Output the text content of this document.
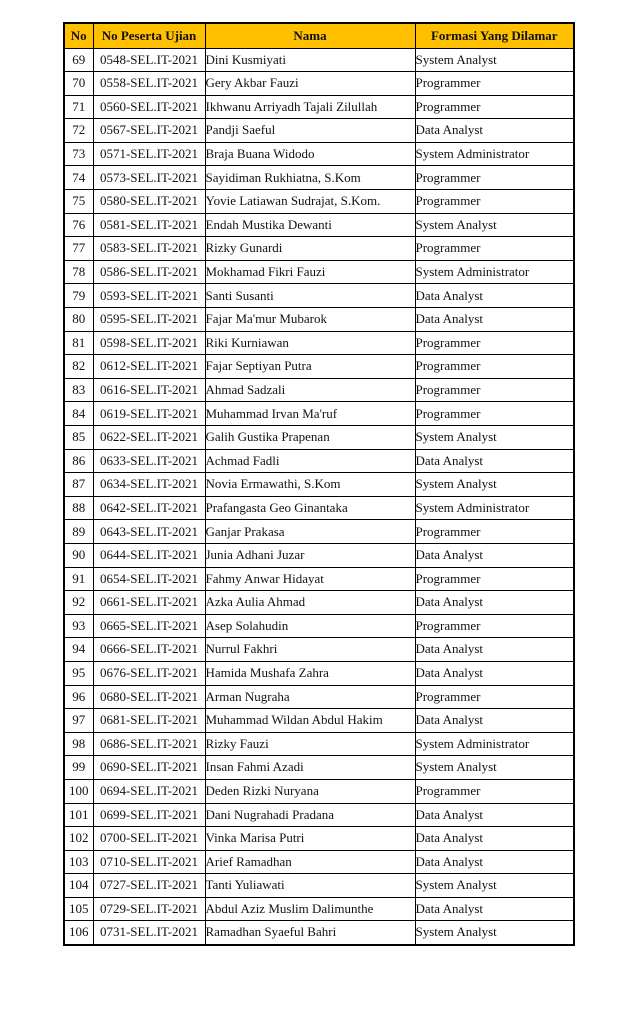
No	No Peserta Ujian	Nama	Formasi Yang Dilamar
69	0548-SEL.IT-2021	Dini Kusmiyati	System Analyst
70	0558-SEL.IT-2021	Gery Akbar Fauzi	Programmer
71	0560-SEL.IT-2021	Ikhwanu Arriyadh Tajali Zilullah	Programmer
72	0567-SEL.IT-2021	Pandji Saeful	Data Analyst
73	0571-SEL.IT-2021	Braja Buana Widodo	System Administrator
74	0573-SEL.IT-2021	Sayidiman Rukhiatna, S.Kom	Programmer
75	0580-SEL.IT-2021	Yovie Latiawan Sudrajat, S.Kom.	Programmer
76	0581-SEL.IT-2021	Endah Mustika Dewanti	System Analyst
77	0583-SEL.IT-2021	Rizky Gunardi	Programmer
78	0586-SEL.IT-2021	Mokhamad Fikri Fauzi	System Administrator
79	0593-SEL.IT-2021	Santi Susanti	Data Analyst
80	0595-SEL.IT-2021	Fajar Ma'mur Mubarok	Data Analyst
81	0598-SEL.IT-2021	Riki Kurniawan	Programmer
82	0612-SEL.IT-2021	Fajar Septiyan Putra	Programmer
83	0616-SEL.IT-2021	Ahmad Sadzali	Programmer
84	0619-SEL.IT-2021	Muhammad Irvan Ma'ruf	Programmer
85	0622-SEL.IT-2021	Galih Gustika Prapenan	System Analyst
86	0633-SEL.IT-2021	Achmad Fadli	Data Analyst
87	0634-SEL.IT-2021	Novia Ermawathi, S.Kom	System Analyst
88	0642-SEL.IT-2021	Prafangasta Geo Ginantaka	System Administrator
89	0643-SEL.IT-2021	Ganjar Prakasa	Programmer
90	0644-SEL.IT-2021	Junia Adhani Juzar	Data Analyst
91	0654-SEL.IT-2021	Fahmy Anwar Hidayat	Programmer
92	0661-SEL.IT-2021	Azka Aulia Ahmad	Data Analyst
93	0665-SEL.IT-2021	Asep Solahudin	Programmer
94	0666-SEL.IT-2021	Nurrul Fakhri	Data Analyst
95	0676-SEL.IT-2021	Hamida Mushafa Zahra	Data Analyst
96	0680-SEL.IT-2021	Arman Nugraha	Programmer
97	0681-SEL.IT-2021	Muhammad Wildan Abdul Hakim	Data Analyst
98	0686-SEL.IT-2021	Rizky Fauzi	System Administrator
99	0690-SEL.IT-2021	Insan Fahmi Azadi	System Analyst
100	0694-SEL.IT-2021	Deden Rizki Nuryana	Programmer
101	0699-SEL.IT-2021	Dani Nugrahadi Pradana	Data Analyst
102	0700-SEL.IT-2021	Vinka Marisa Putri	Data Analyst
103	0710-SEL.IT-2021	Arief Ramadhan	Data Analyst
104	0727-SEL.IT-2021	Tanti Yuliawati	System Analyst
105	0729-SEL.IT-2021	Abdul Aziz Muslim Dalimunthe	Data Analyst
106	0731-SEL.IT-2021	Ramadhan Syaeful Bahri	System Analyst
